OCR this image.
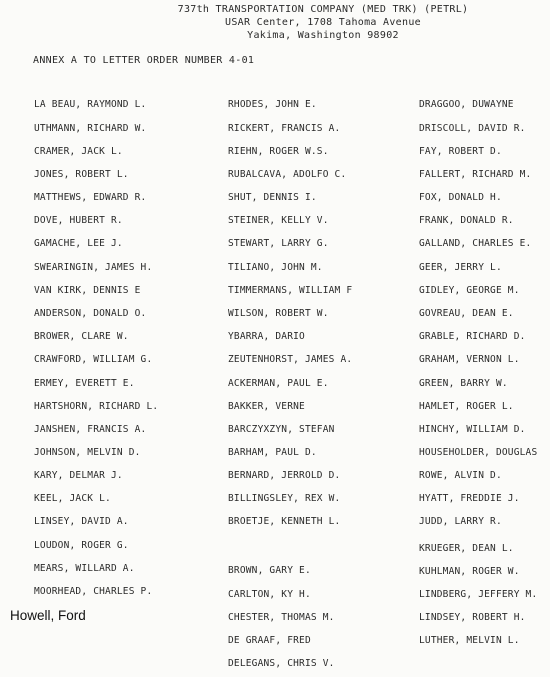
737th TRANSPORTATION COMPANY (MED TRK) (PETRL)
USAR Center, 1708 Tahoma Avenue
Yakima, Washington 98902
ANNEX A TO LETTER ORDER NUMBER 4-01
LA BEAU, RAYMOND L.
UTHMANN, RICHARD W.
CRAMER, JACK L.
JONES, ROBERT L.
MATTHEWS, EDWARD R.
DOVE, HUBERT R.
GAMACHE, LEE J.
SWEARINGIN, JAMES H.
VAN KIRK, DENNIS E
ANDERSON, DONALD O.
BROWER, CLARE W.
CRAWFORD, WILLIAM G.
ERMEY, EVERETT E.
HARTSHORN, RICHARD L.
JANSHEN, FRANCIS A.
JOHNSON, MELVIN D.
KARY, DELMAR J.
KEEL, JACK L.
LINSEY, DAVID A.
LOUDON, ROGER G.
MEARS, WILLARD A.
MOORHEAD, CHARLES P.
RHODES, JOHN E.
RICKERT, FRANCIS A.
RIEHN, ROGER W.S.
RUBALCAVA, ADOLFO C.
SHUT, DENNIS I.
STEINER, KELLY V.
STEWART, LARRY G.
TILIANO, JOHN M.
TIMMERMANS, WILLIAM F
WILSON, ROBERT W.
YBARRA, DARIO
ZEUTENHORST, JAMES A.
ACKERMAN, PAUL E.
BAKKER, VERNE
BARCZYXZYN, STEFAN
BARHAM, PAUL D.
BERNARD, JERROLD D.
BILLINGSLEY, REX W.
BROETJE, KENNETH L.
BROWN, GARY E.
CARLTON, KY H.
CHESTER, THOMAS M.
DE GRAAF, FRED
DELEGANS, CHRIS V.
DRAGGOO, DUWAYNE
DRISCOLL, DAVID R.
FAY, ROBERT D.
FALLERT, RICHARD M.
FOX, DONALD H.
FRANK, DONALD R.
GALLAND, CHARLES E.
GEER, JERRY L.
GIDLEY, GEORGE M.
GOVREAU, DEAN E.
GRABLE, RICHARD D.
GRAHAM, VERNON L.
GREEN, BARRY W.
HAMLET, ROGER L.
HINCHY, WILLIAM D.
HOUSEHOLDER, DOUGLAS
ROWE, ALVIN D.
HYATT, FREDDIE J.
JUDD, LARRY R.
KRUEGER, DEAN L.
KUHLMAN, ROGER W.
LINDBERG, JEFFERY M.
LINDSEY, ROBERT H.
LUTHER, MELVIN L.
Howell, Ford
